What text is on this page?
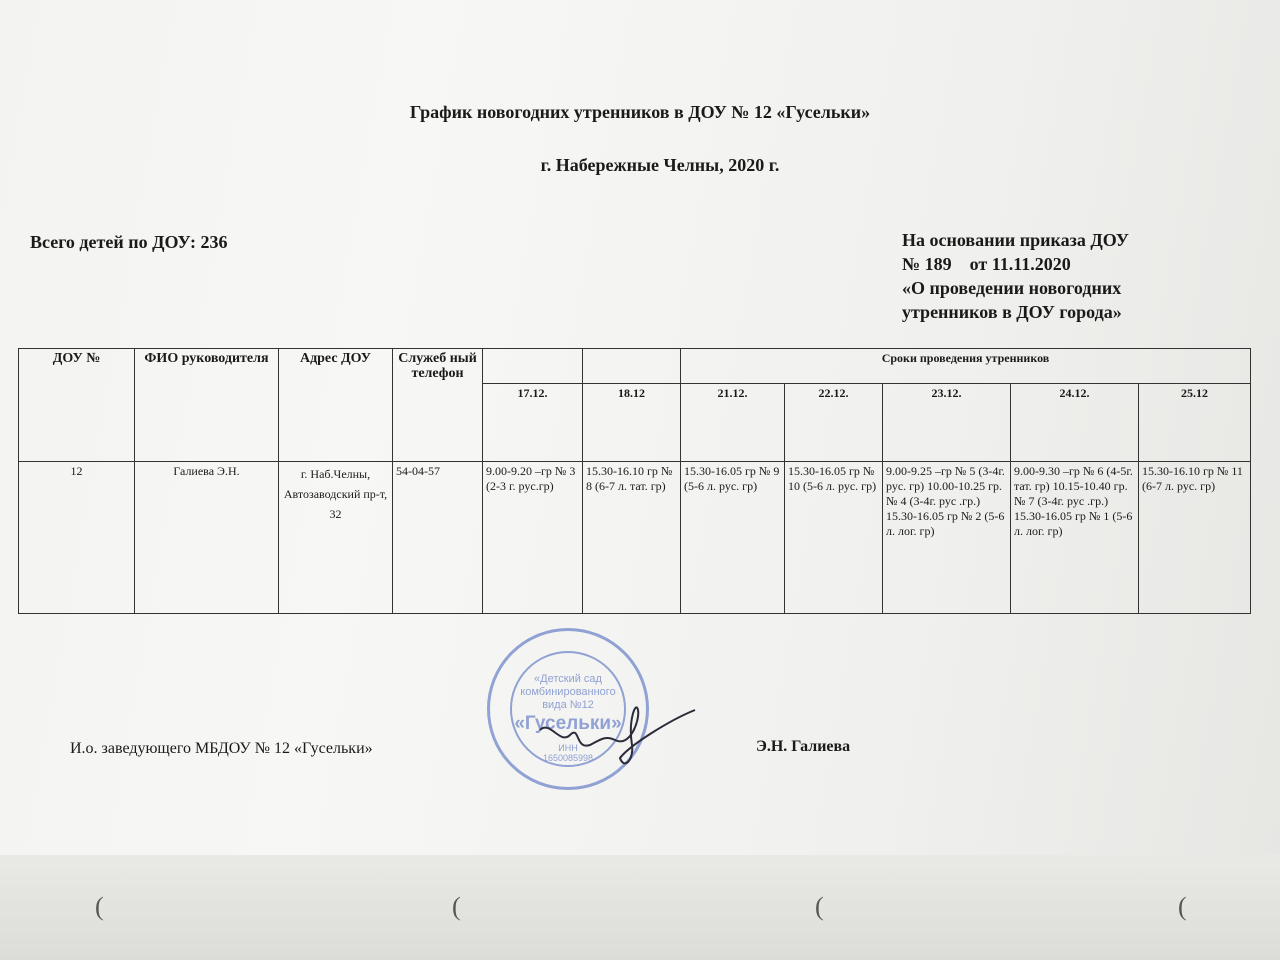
График новогодних утренников в ДОУ № 12 «Гусельки»
г. Набережные Челны, 2020 г.
Всего детей по ДОУ: 236	На основании приказа ДОУ
№ 189    от 11.11.2020
«О проведении новогодних
утренников в ДОУ города»
ДОУ №	ФИО руководителя	Адрес ДОУ	Служеб ный телефон			Сроки проведения утренников				
				17.12.	18.12	21.12.	22.12.	23.12.	24.12.	25.12

12	Галиева Э.Н.	г. Наб.Челны, Автозаводский пр-т, 32	54-04-57	9.00-9.20 –гр № 3 (2-3 г. рус.гр)	15.30-16.10 гр № 8 (6-7 л. тат. гр)	15.30-16.05 гр № 9 (5-6 л. рус. гр)	15.30-16.05 гр № 10 (5-6 л. рус. гр)	9.00-9.25 –гр № 5 (3-4г. рус. гр) 10.00-10.25 гр.№ 4 (3-4г. рус .гр.) 15.30-16.05 гр № 2 (5-6 л. лог. гр)	9.00-9.30 –гр № 6 (4-5г. тат. гр) 10.15-10.40 гр.№ 7 (3-4г. рус .гр.) 15.30-16.05 гр № 1 (5-6 л. лог. гр)	15.30-16.10 гр № 11 (6-7 л. рус. гр)
«Детский сад
комбинированного
вида №12
«Гусельки»
ИНН
1650085998
И.о. заведующего МБДОУ № 12 «Гусельки»	Э.Н. Галиева
(	(	(	(
